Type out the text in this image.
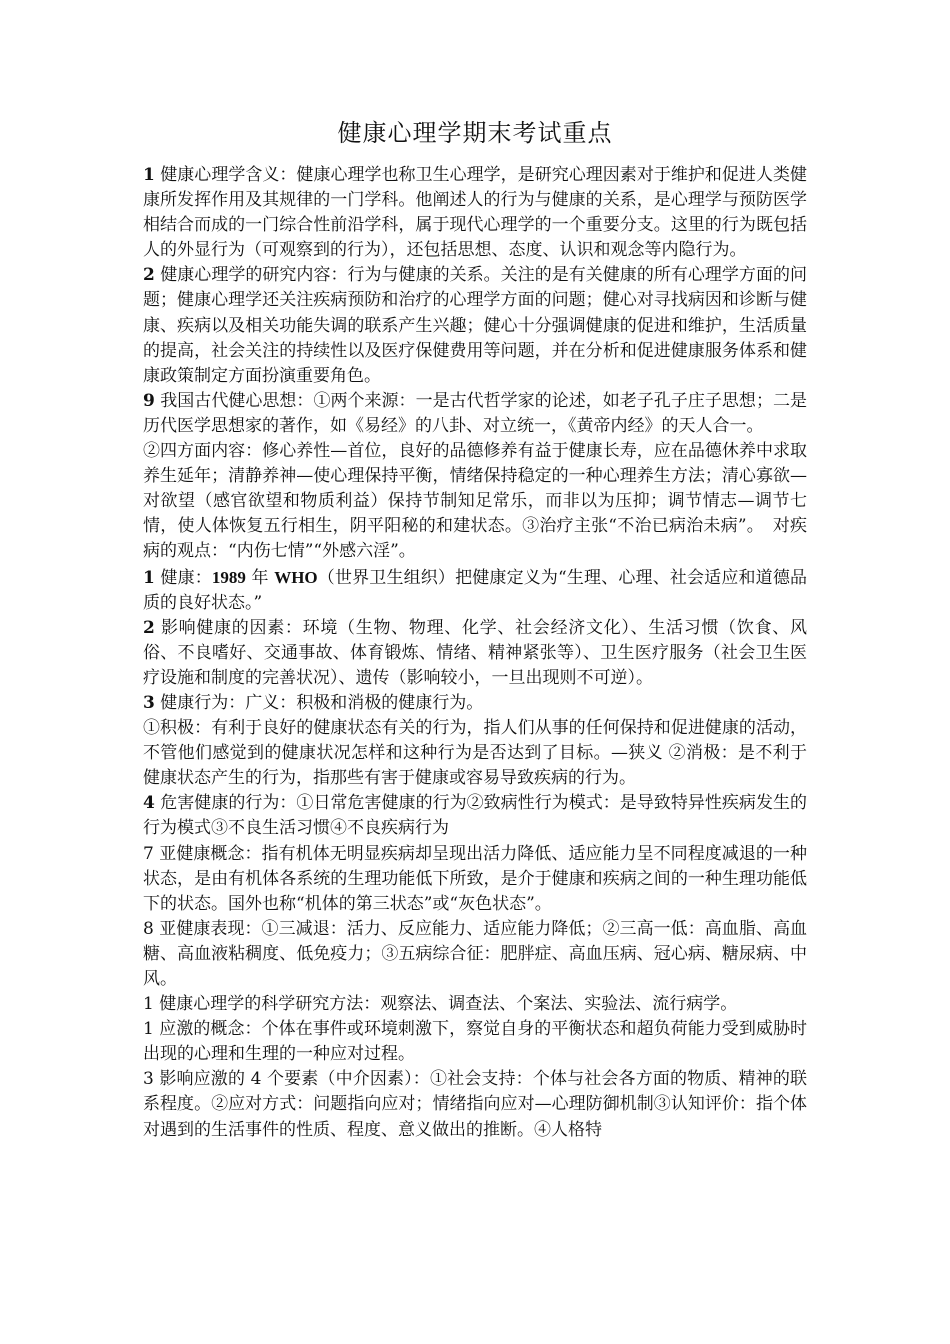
健康心理学期末考试重点

1 健康心理学含义：健康心理学也称卫生心理学，是研究心理因素对于维护和促进人类健康所发挥作用及其规律的一门学科。他阐述人的行为与健康的关系，是心理学与预防医学相结合而成的一门综合性前沿学科，属于现代心理学的一个重要分支。这里的行为既包括人的外显行为（可观察到的行为），还包括思想、态度、认识和观念等内隐行为。

2 健康心理学的研究内容：行为与健康的关系。关注的是有关健康的所有心理学方面的问题；健康心理学还关注疾病预防和治疗的心理学方面的问题；健心对寻找病因和诊断与健康、疾病以及相关功能失调的联系产生兴趣；健心十分强调健康的促进和维护，生活质量的提高，社会关注的持续性以及医疗保健费用等问题，并在分析和促进健康服务体系和健康政策制定方面扮演重要角色。

9 我国古代健心思想：①两个来源：一是古代哲学家的论述，如老子孔子庄子思想；二是历代医学思想家的著作，如《易经》的八卦、对立统一，《黄帝内经》的天人合一。

②四方面内容：修心养性—首位，良好的品德修养有益于健康长寿，应在品德休养中求取养生延年；清静养神—使心理保持平衡，情绪保持稳定的一种心理养生方法；清心寡欲—对欲望（感官欲望和物质利益）保持节制知足常乐，而非以为压抑；调节情志—调节七情，使人体恢复五行相生，阴平阳秘的和建状态。③治疗主张“不治已病治未病”。　对疾病的观点：“内伤七情”“外感六淫”。

1 健康：1989 年 WHO（世界卫生组织）把健康定义为“生理、心理、社会适应和道德品质的良好状态。”

2 影响健康的因素：环境（生物、物理、化学、社会经济文化）、生活习惯（饮食、风俗、不良嗜好、交通事故、体育锻炼、情绪、精神紧张等）、卫生医疗服务（社会卫生医疗设施和制度的完善状况）、遗传（影响较小，一旦出现则不可逆）。

3 健康行为：广义：积极和消极的健康行为。

①积极：有利于良好的健康状态有关的行为，指人们从事的任何保持和促进健康的活动，不管他们感觉到的健康状况怎样和这种行为是否达到了目标。—狭义 ②消极：是不利于健康状态产生的行为，指那些有害于健康或容易导致疾病的行为。

4 危害健康的行为：①日常危害健康的行为②致病性行为模式：是导致特异性疾病发生的行为模式③不良生活习惯④不良疾病行为

7 亚健康概念：指有机体无明显疾病却呈现出活力降低、适应能力呈不同程度减退的一种状态，是由有机体各系统的生理功能低下所致，是介于健康和疾病之间的一种生理功能低下的状态。国外也称“机体的第三状态”或“灰色状态”。

8 亚健康表现：①三减退：活力、反应能力、适应能力降低；②三高一低：高血脂、高血糖、高血液粘稠度、低免疫力；③五病综合征：肥胖症、高血压病、冠心病、糖尿病、中风。

1 健康心理学的科学研究方法：观察法、调查法、个案法、实验法、流行病学。

1 应激的概念：个体在事件或环境刺激下，察觉自身的平衡状态和超负荷能力受到威胁时出现的心理和生理的一种应对过程。

3 影响应激的 4 个要素（中介因素）：①社会支持：个体与社会各方面的物质、精神的联系程度。②应对方式：问题指向应对；情绪指向应对—心理防御机制③认知评价：指个体对遇到的生活事件的性质、程度、意义做出的推断。④人格特
